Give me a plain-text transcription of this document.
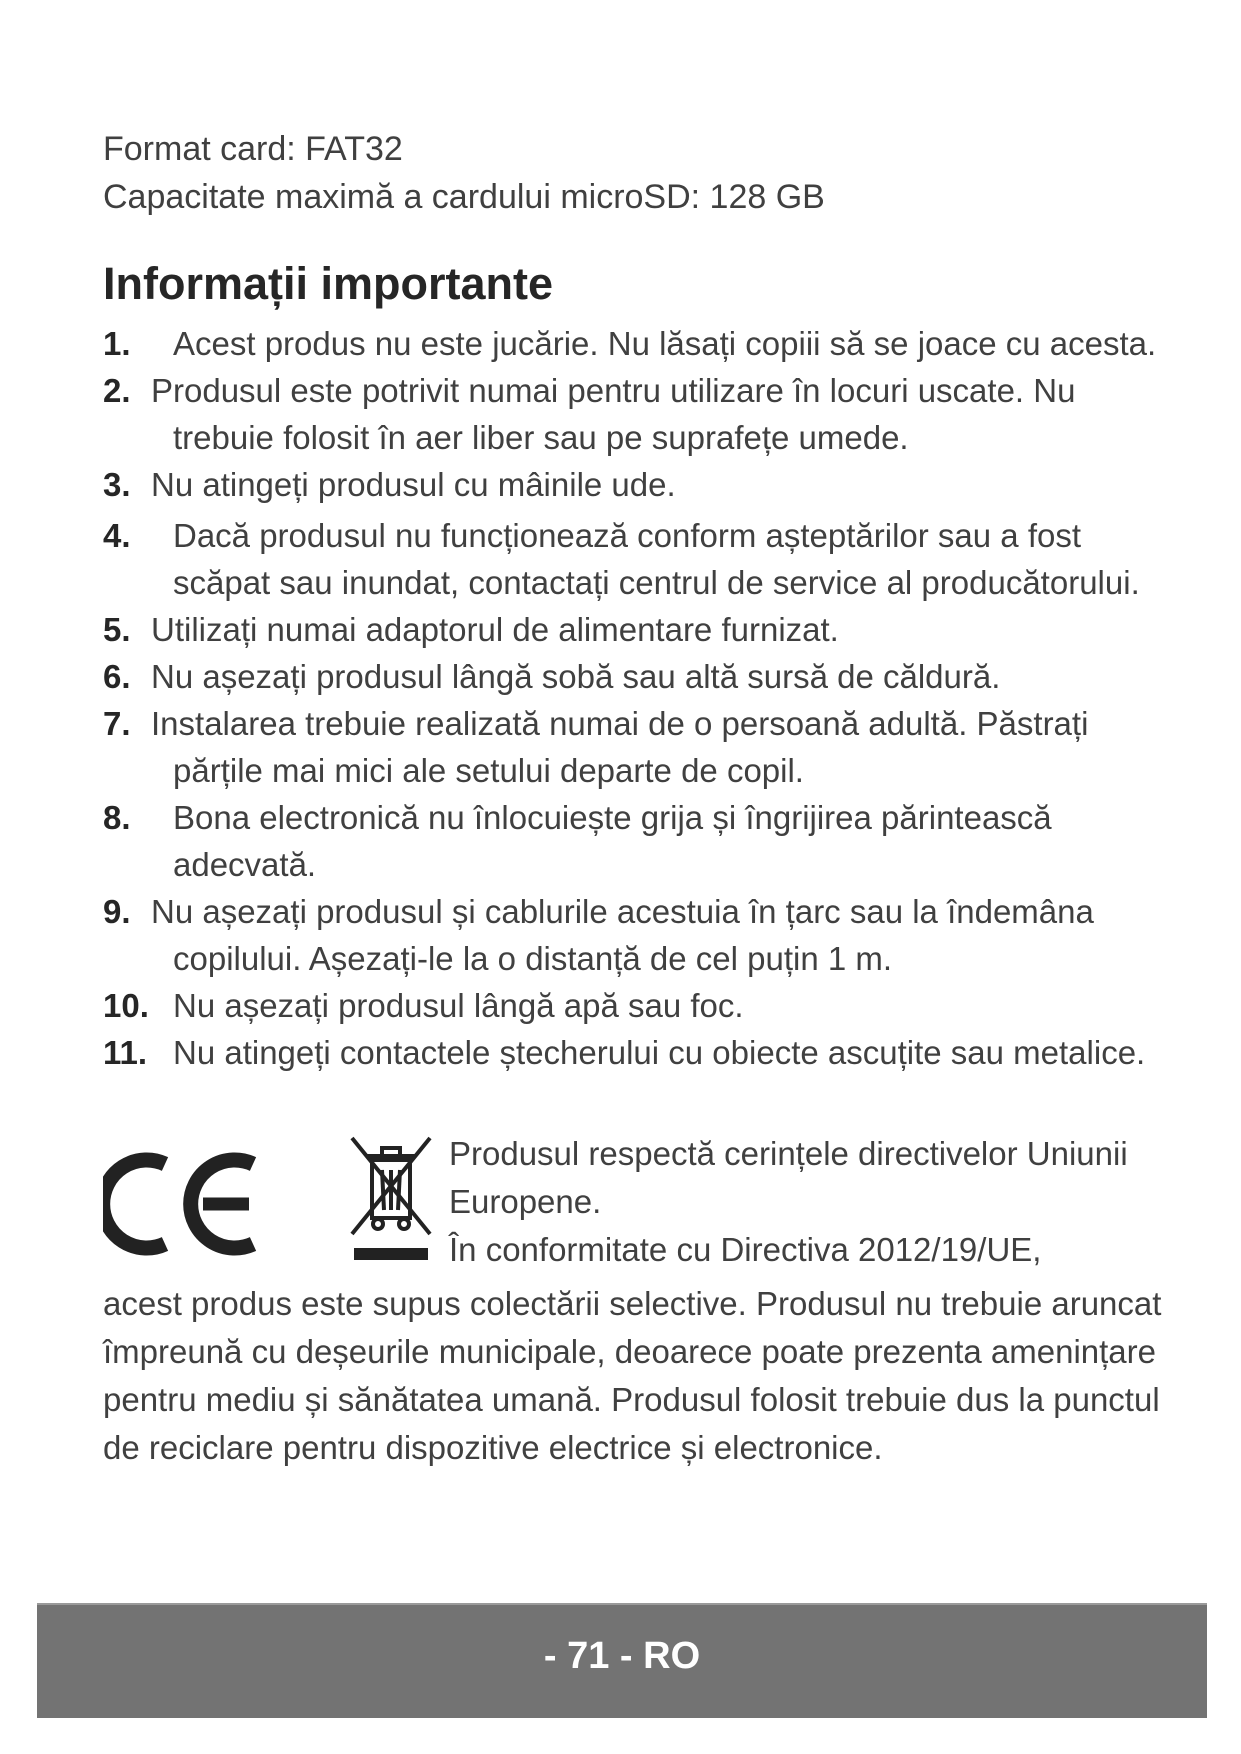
Format card: FAT32
Capacitate maximă a cardului microSD: 128 GB
Informații importante
1.	Acest produs nu este jucărie. Nu lăsați copiii să se joace cu acesta.
2. Produsul este potrivit numai pentru utilizare în locuri uscate. Nu trebuie folosit în aer liber sau pe suprafețe umede.
3. Nu atingeți produsul cu mâinile ude.
4.	Dacă produsul nu funcționează conform așteptărilor sau a fost scăpat sau inundat, contactați centrul de service al producătorului.
5. Utilizați numai adaptorul de alimentare furnizat.
6. Nu așezați produsul lângă sobă sau altă sursă de căldură.
7. Instalarea trebuie realizată numai de o persoană adultă. Păstrați părțile mai mici ale setului departe de copil.
8.	Bona electronică nu înlocuiește grija și îngrijirea părintească adecvată.
9. Nu așezați produsul și cablurile acestuia în țarc sau la îndemâna copilului. Așezați-le la o distanță de cel puțin 1 m.
10. Nu așezați produsul lângă apă sau foc.
11. Nu atingeți contactele ștecherului cu obiecte ascuțite sau metalice.
Produsul respectă cerințele directivelor Uniunii
Europene.
În conformitate cu Directiva 2012/19/UE,
acest produs este supus colectării selective. Produsul nu trebuie aruncat împreună cu deșeurile municipale, deoarece poate prezenta amenințare pentru mediu și sănătatea umană. Produsul folosit trebuie dus la punctul de reciclare pentru dispozitive electrice și electronice.
- 71 - RO
